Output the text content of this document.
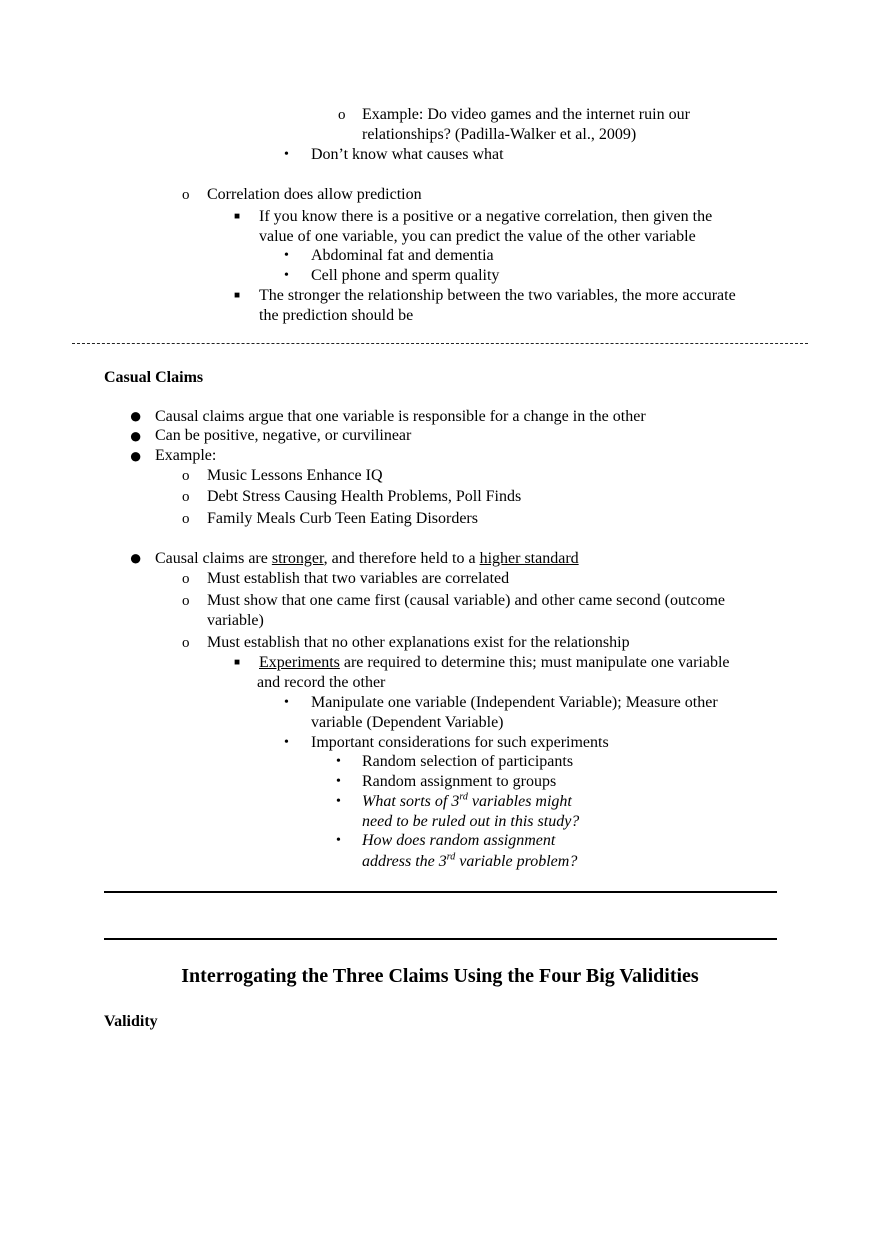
o Example: Do video games and the internet ruin our
relationships? (Padilla-Walker et al., 2009)
• Don’t know what causes what
o Correlation does allow prediction
■ If you know there is a positive or a negative correlation, then given the
value of one variable, you can predict the value of the other variable
• Abdominal fat and dementia
• Cell phone and sperm quality
■ The stronger the relationship between the two variables, the more accurate
the prediction should be
Casual Claims
● Causal claims argue that one variable is responsible for a change in the other
● Can be positive, negative, or curvilinear
● Example:
o Music Lessons Enhance IQ
o Debt Stress Causing Health Problems, Poll Finds
o Family Meals Curb Teen Eating Disorders
● Causal claims are stronger, and therefore held to a higher standard
o Must establish that two variables are correlated
o Must show that one came first (causal variable) and other came second (outcome
variable)
o Must establish that no other explanations exist for the relationship
■ Experiments are required to determine this; must manipulate one variable
and record the other
• Manipulate one variable (Independent Variable); Measure other
variable (Dependent Variable)
• Important considerations for such experiments
• Random selection of participants
• Random assignment to groups
• What sorts of 3rd variables might
need to be ruled out in this study?
• How does random assignment
address the 3rd variable problem?
Interrogating the Three Claims Using the Four Big Validities
Validity
